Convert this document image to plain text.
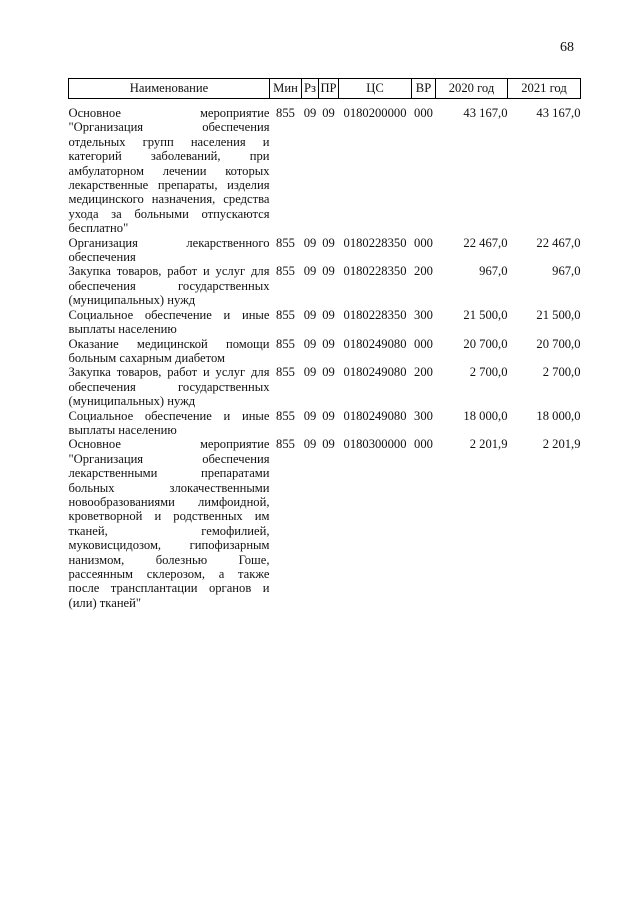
68
Наименование	Мин	Рз	ПР	ЦС	ВР	2020 год	2021 год
Основное мероприятие "Организация обеспечения отдельных групп населения и категорий заболеваний, при амбулаторном лечении которых лекарственные препараты, изделия медицинского назначения, средства ухода за больными отпускаются бесплатно"	855	09	09	0180200000	000	43 167,0	43 167,0
Организация лекарственного обеспечения	855	09	09	0180228350	000	22 467,0	22 467,0
Закупка товаров, работ и услуг для обеспечения государственных (муниципальных) нужд	855	09	09	0180228350	200	967,0	967,0
Социальное обеспечение и иные выплаты населению	855	09	09	0180228350	300	21 500,0	21 500,0
Оказание медицинской помощи больным сахарным диабетом	855	09	09	0180249080	000	20 700,0	20 700,0
Закупка товаров, работ и услуг для обеспечения государственных (муниципальных) нужд	855	09	09	0180249080	200	2 700,0	2 700,0
Социальное обеспечение и иные выплаты населению	855	09	09	0180249080	300	18 000,0	18 000,0
Основное мероприятие "Организация обеспечения лекарственными препаратами больных злокачественными новообразованиями лимфоидной, кроветворной и родственных им тканей, гемофилией, муковисцидозом, гипофизарным нанизмом, болезнью Гоше, рассеянным склерозом, а также после трансплантации органов и (или) тканей"	855	09	09	0180300000	000	2 201,9	2 201,9
